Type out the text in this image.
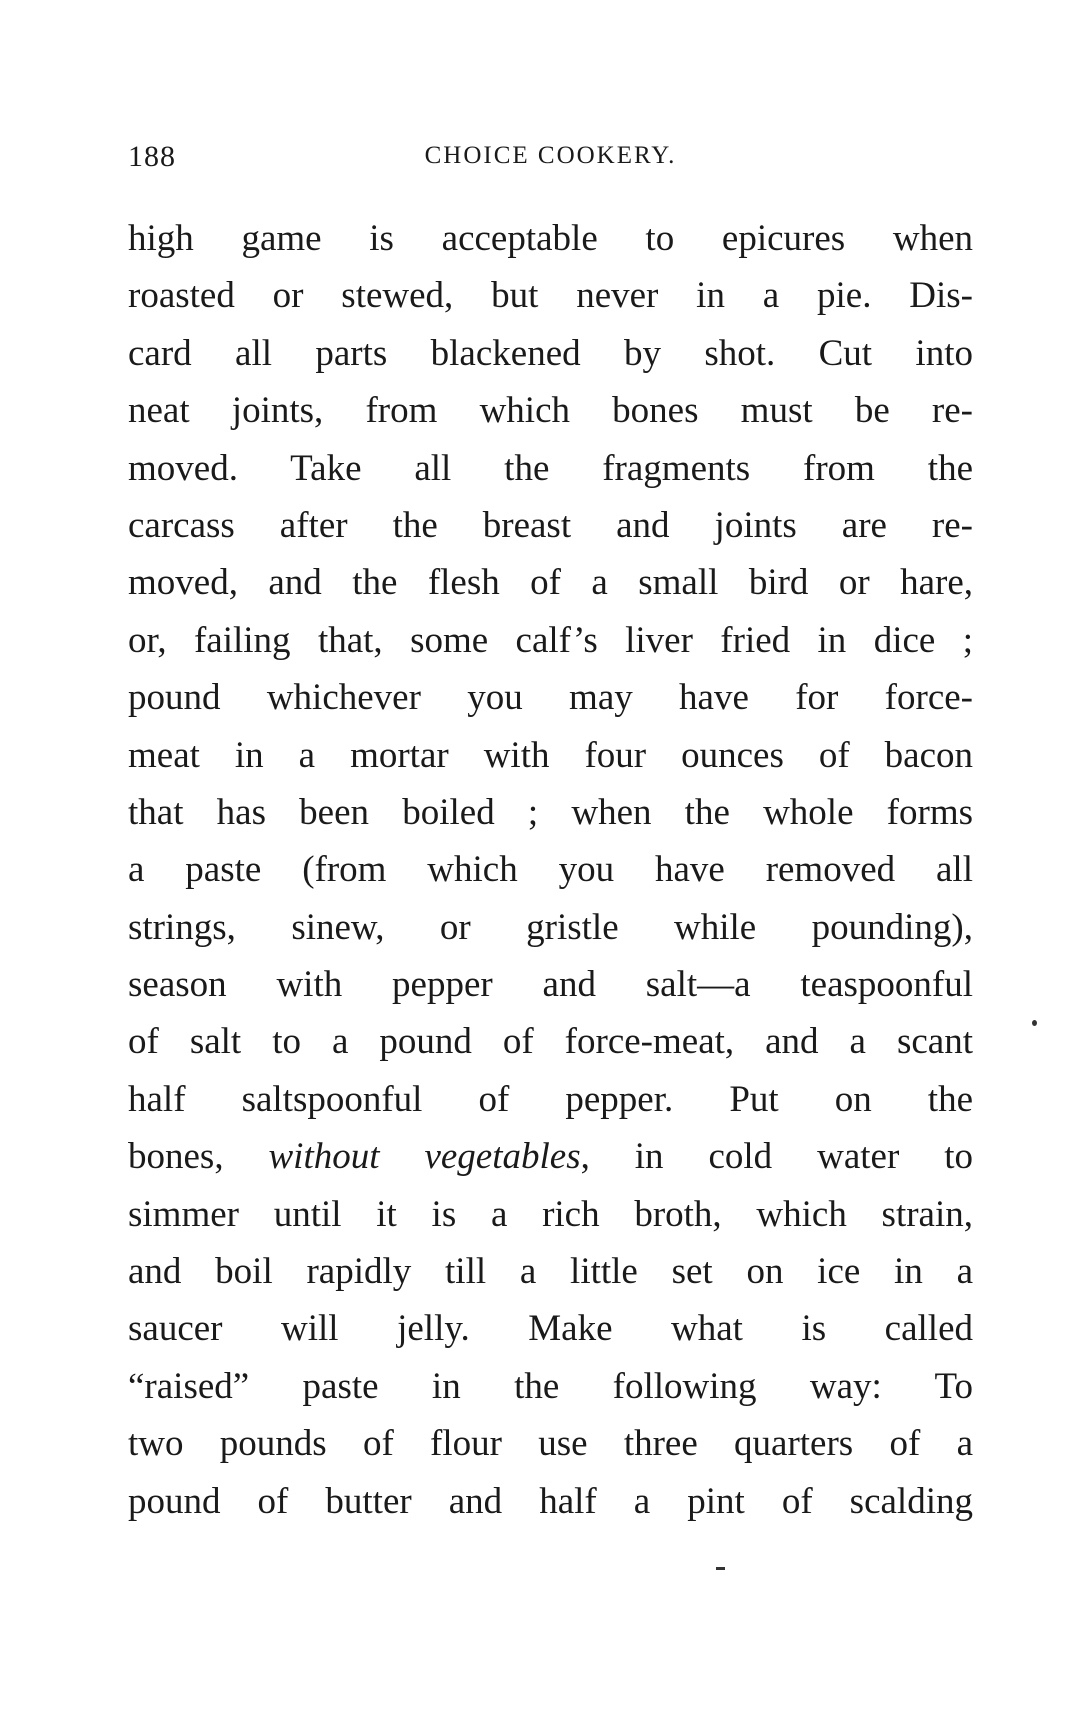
188	CHOICE COOKERY.
high game is acceptable to epicures when
roasted or stewed, but never in a pie. Dis-
card all parts blackened by shot. Cut into
neat joints, from which bones must be re-
moved. Take all the fragments from the
carcass after the breast and joints are re-
moved, and the flesh of a small bird or hare,
or, failing that, some calf’s liver fried in dice ;
pound whichever you may have for force-
meat in a mortar with four ounces of bacon
that has been boiled ; when the whole forms
a paste (from which you have removed all
strings, sinew, or gristle while pounding),
season with pepper and salt—a teaspoonful
of salt to a pound of force-meat, and a scant
half saltspoonful of pepper. Put on the
bones, without vegetables, in cold water to
simmer until it is a rich broth, which strain,
and boil rapidly till a little set on ice in a
saucer will jelly. Make what is called
“raised” paste in the following way: To
two pounds of flour use three quarters of a
pound of butter and half a pint of scalding
